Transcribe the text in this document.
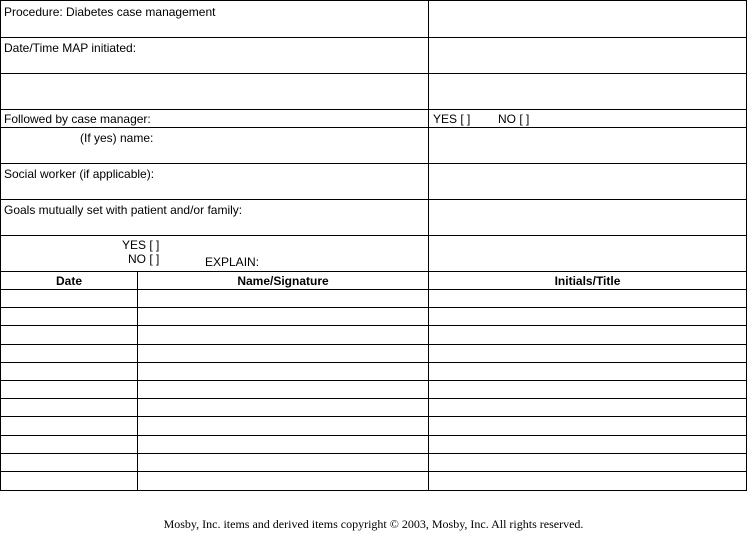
Procedure: Diabetes case management
Date/Time MAP initiated:
Followed by case manager:	YES [ ] NO [ ]
(If yes) name:
Social worker (if applicable):
Goals mutually set with patient and/or family:
YES [ ]
NO [ ]	EXPLAIN:
Date	Name/Signature	Initials/Title
Mosby, Inc. items and derived items copyright © 2003, Mosby, Inc. All rights reserved.
